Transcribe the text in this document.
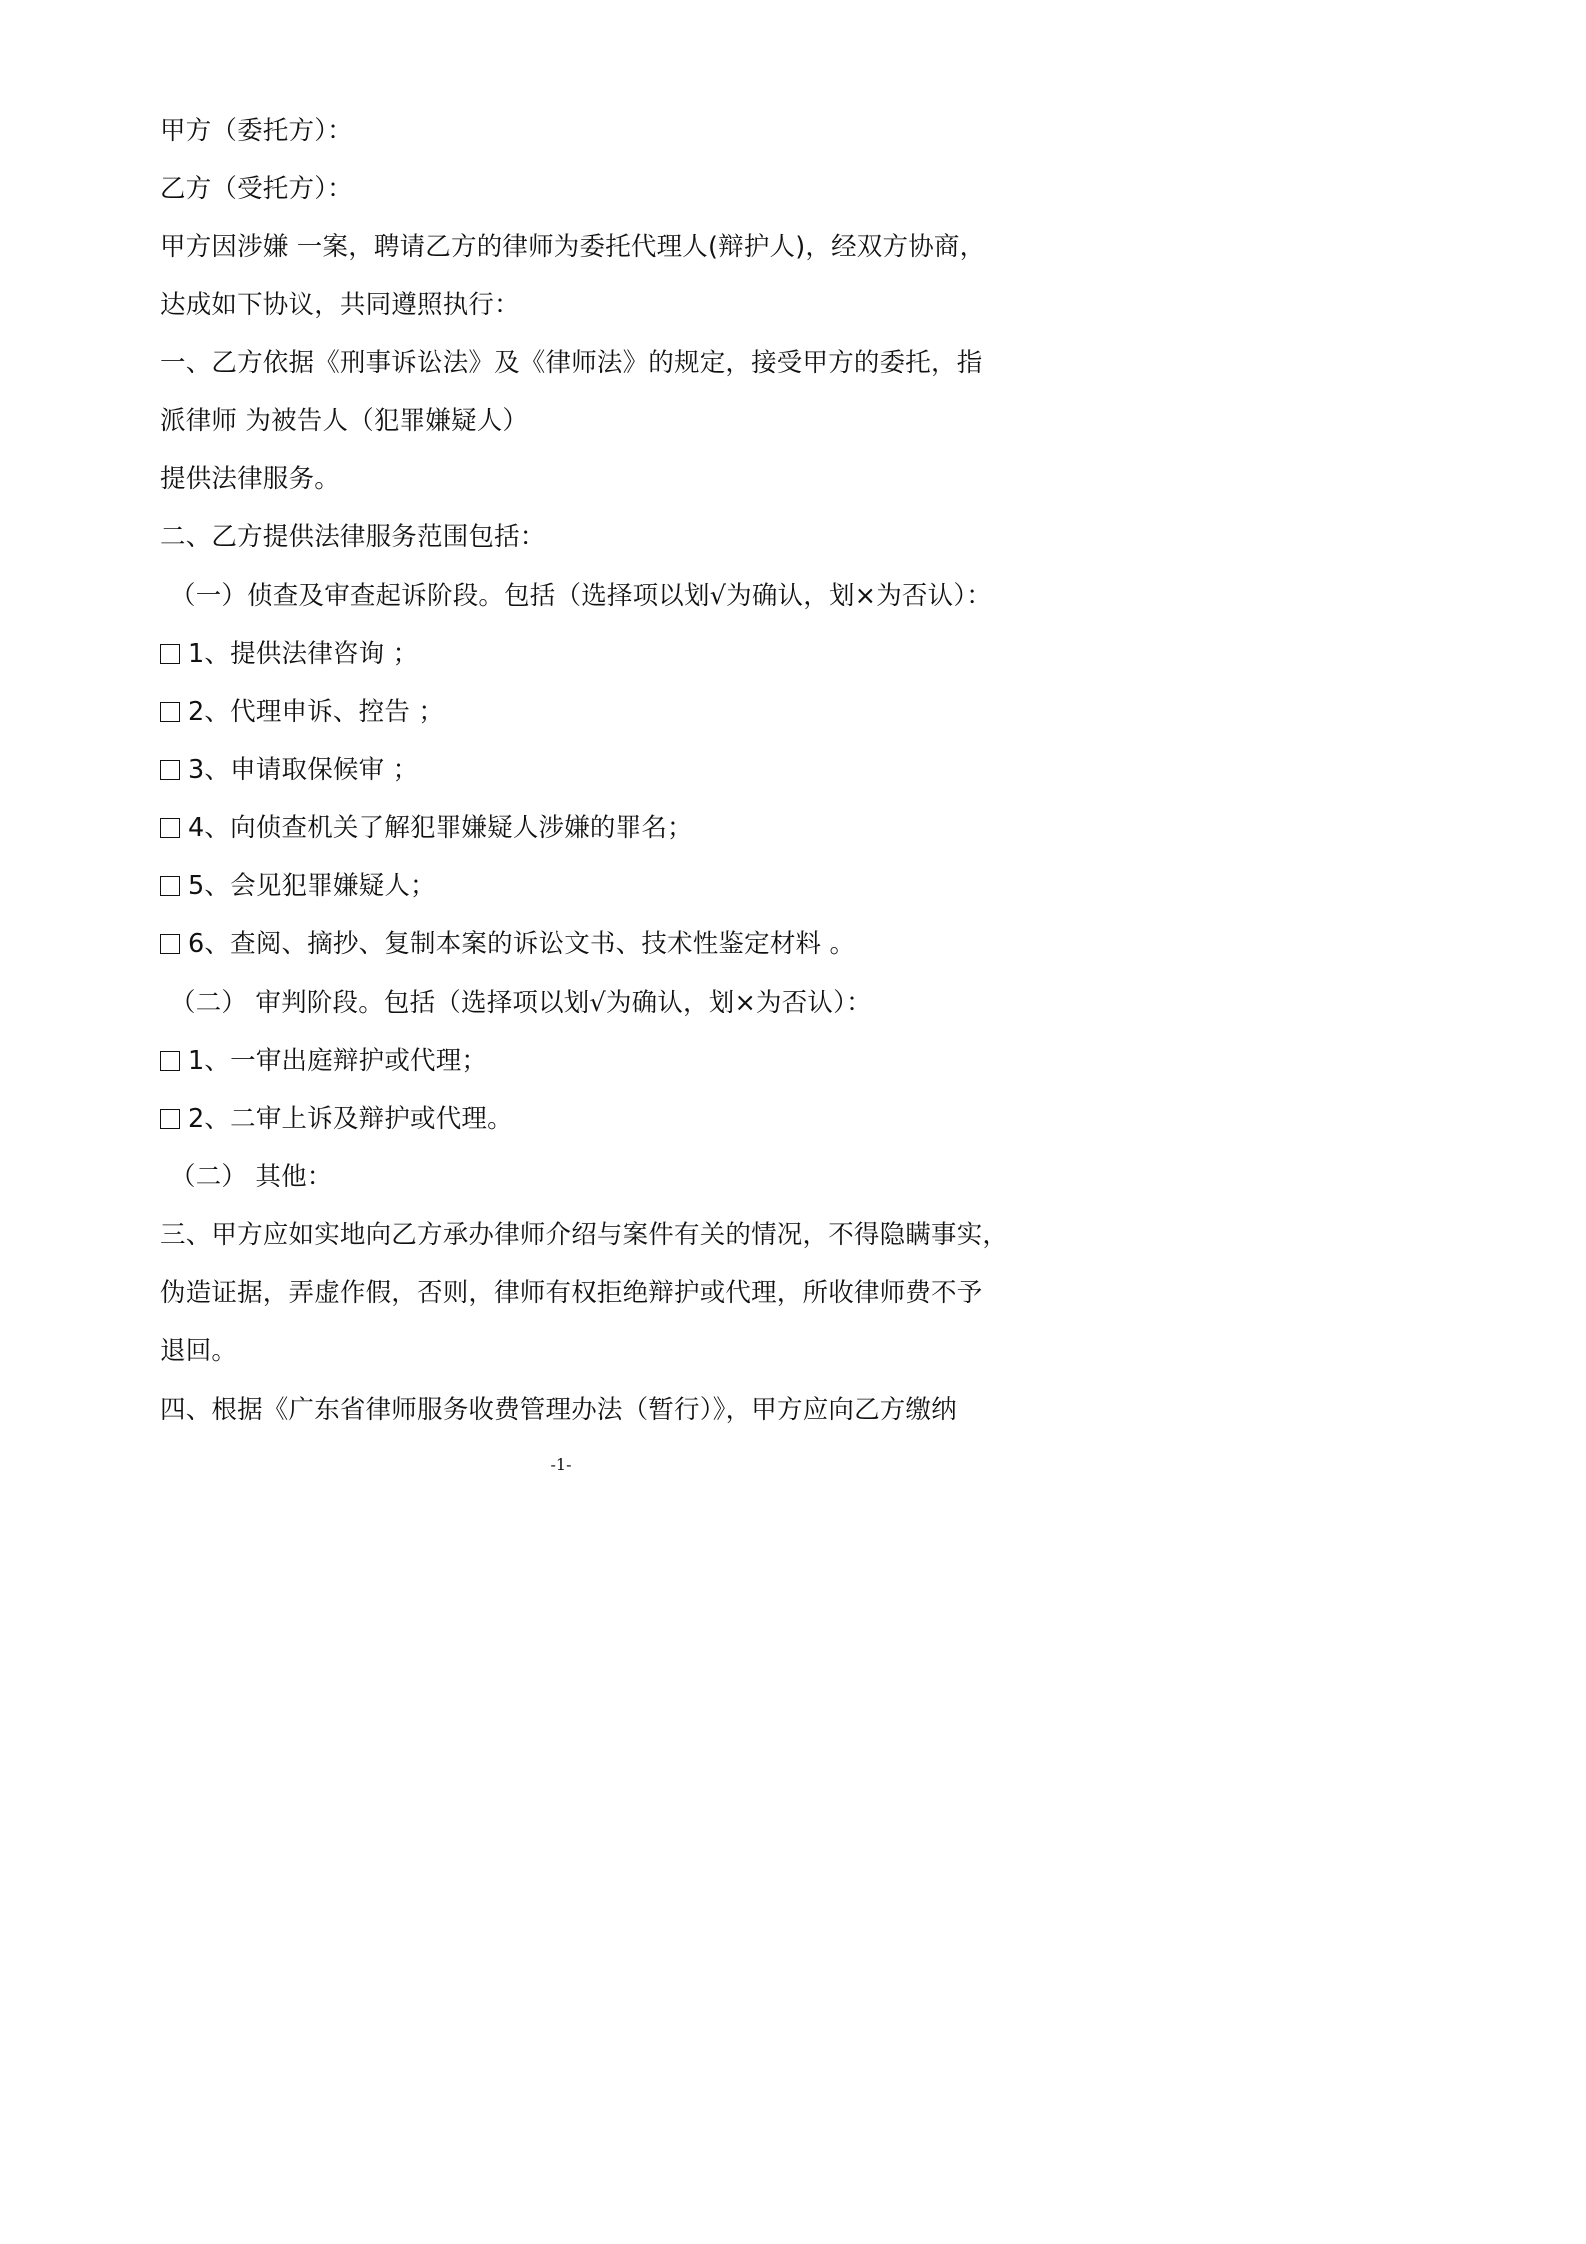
甲方（委托方）：

乙方（受托方）：

甲方因涉嫌 一案，聘请乙方的律师为委托代理人(辩护人)，经双方协商，

达成如下协议，共同遵照执行：

一、乙方依据《刑事诉讼法》及《律师法》的规定，接受甲方的委托，指

派律师 为被告人（犯罪嫌疑人）

提供法律服务。

二、乙方提供法律服务范围包括：

（一）侦查及审查起诉阶段。包括（选择项以划√为确认，划×为否认）：

1、提供法律咨询 ；
2、代理申诉、控告 ；
3、申请取保候审 ；
4、向侦查机关了解犯罪嫌疑人涉嫌的罪名；
5、会见犯罪嫌疑人；
6、查阅、摘抄、复制本案的诉讼文书、技术性鉴定材料 。

（二） 审判阶段。包括（选择项以划√为确认，划×为否认）：

1、一审出庭辩护或代理；
2、二审上诉及辩护或代理。

（二） 其他：

三、甲方应如实地向乙方承办律师介绍与案件有关的情况，不得隐瞒事实，

伪造证据，弄虚作假，否则，律师有权拒绝辩护或代理，所收律师费不予

退回。

四、根据《广东省律师服务收费管理办法（暂行）》，甲方应向乙方缴纳

-1-
